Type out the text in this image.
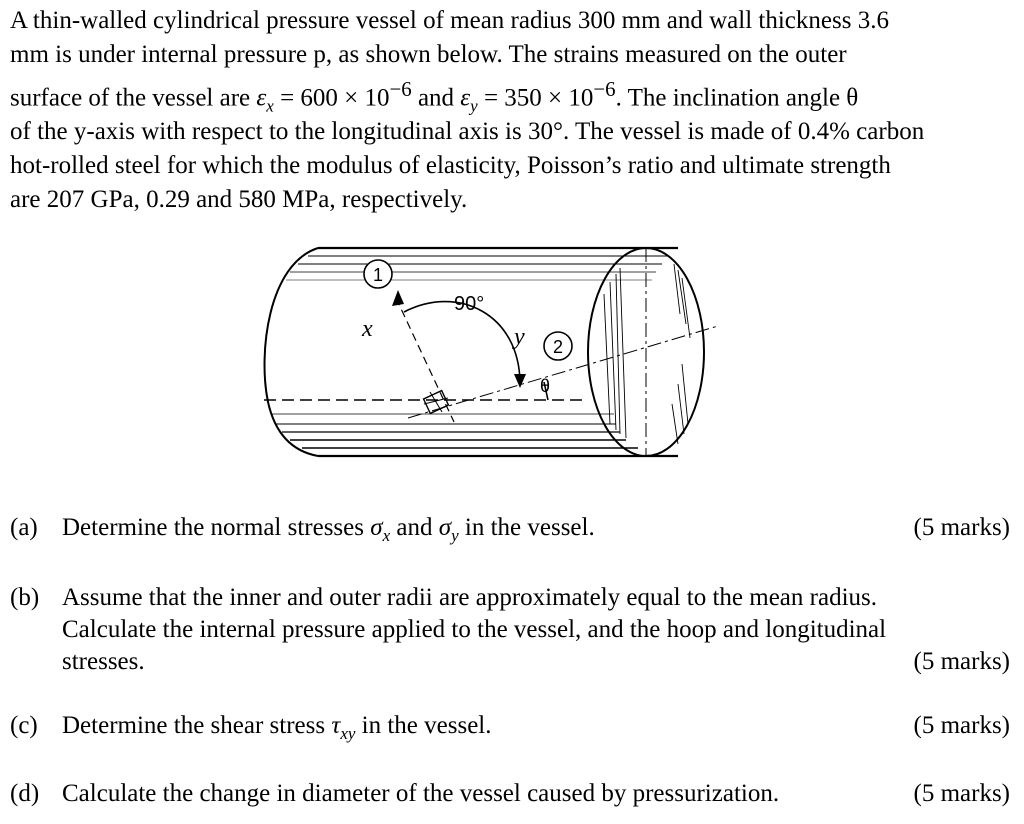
A thin-walled cylindrical pressure vessel of mean radius 300 mm and wall thickness 3.6
mm is under internal pressure p, as shown below. The strains measured on the outer
surface of the vessel are $\varepsilon_x = 600 \times 10^{-6}$ and $\varepsilon_y = 350 \times 10^{-6}$. The inclination angle θ
of the y-axis with respect to the longitudinal axis is 30°. The vessel is made of 0.4% carbon
hot-rolled steel for which the modulus of elasticity, Poisson’s ratio and ultimate strength
are 207 GPa, 0.29 and 580 MPa, respectively.
1
2
90°
x	y
θ
(a) Determine the normal stresses $\sigma_x$ and $\sigma_y$ in the vessel.	(5 marks)
(b) Assume that the inner and outer radii are approximately equal to the mean radius.
Calculate the internal pressure applied to the vessel, and the hoop and longitudinal
stresses.	(5 marks)
(c) Determine the shear stress $\tau_{xy}$ in the vessel.	(5 marks)
(d) Calculate the change in diameter of the vessel caused by pressurization.	(5 marks)
